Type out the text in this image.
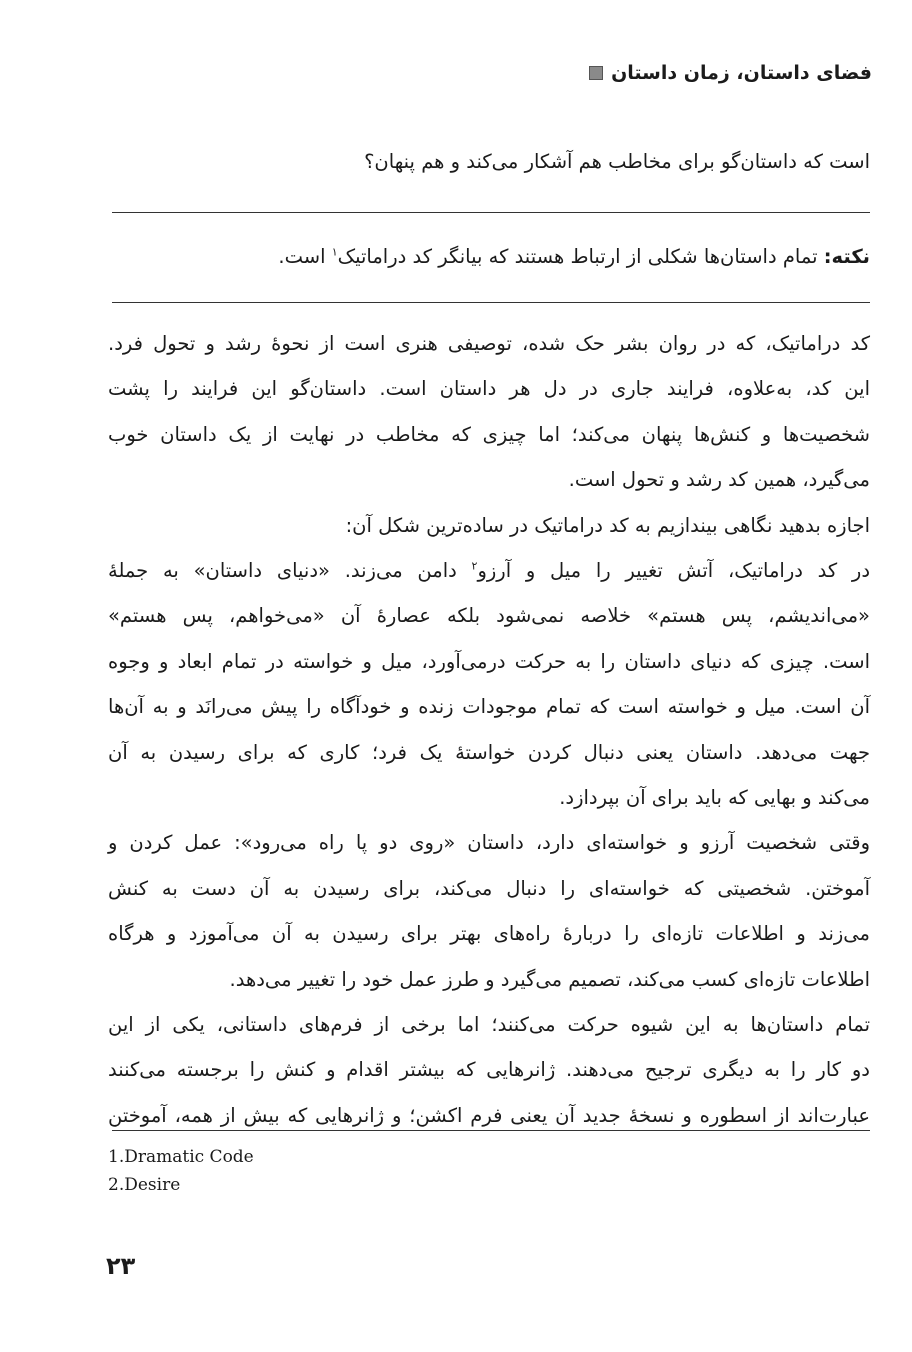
فضای داستان، زمان داستان
است که داستان‌گو برای مخاطب هم آشکار می‌کند و هم پنهان؟
نکته: تمام داستان‌ها شکلی از ارتباط هستند که بیانگر کد دراماتیک$^۱$ است.
کد دراماتیک، که در روان بشر حک شده، توصیفی هنری است از نحوهٔ رشد و تحول فرد.
این کد، به‌علاوه، فرایند جاری در دل هر داستان است. داستان‌گو این فرایند را پشت
شخصیت‌ها و کنش‌ها پنهان می‌کند؛ اما چیزی که مخاطب در نهایت از یک داستان خوب
می‌گیرد، همین کد رشد و تحول است.
اجازه بدهید نگاهی بیندازیم به کد دراماتیک در ساده‌ترین شکل آن:
در کد دراماتیک، آتش تغییر را میل و آرزو$^۲$ دامن می‌زند. «دنیای داستان» به جملهٔ
«می‌اندیشم، پس هستم» خلاصه نمی‌شود بلکه عصارهٔ آن «می‌خواهم، پس هستم»
است. چیزی که دنیای داستان را به حرکت درمی‌آورد، میل و خواسته در تمام ابعاد و وجوه
آن است. میل و خواسته است که تمام موجودات زنده و خودآگاه را پیش می‌رانَد و به آن‌ها
جهت می‌دهد. داستان یعنی دنبال کردن خواستهٔ یک فرد؛ کاری که برای رسیدن به آن
می‌کند و بهایی که باید برای آن بپردازد.
وقتی شخصیت آرزو و خواسته‌ای دارد، داستان «روی دو پا راه می‌رود»: عمل کردن و
آموختن. شخصیتی که خواسته‌ای را دنبال می‌کند، برای رسیدن به آن دست به کنش
می‌زند و اطلاعات تازه‌ای را دربارهٔ راه‌های بهتر برای رسیدن به آن می‌آموزد و هرگاه
اطلاعات تازه‌ای کسب می‌کند، تصمیم می‌گیرد و طرز عمل خود را تغییر می‌دهد.
تمام داستان‌ها به این شیوه حرکت می‌کنند؛ اما برخی از فرم‌های داستانی، یکی از این
دو کار را به دیگری ترجیح می‌دهند. ژانرهایی که بیشتر اقدام و کنش را برجسته می‌کنند
عبارت‌اند از اسطوره و نسخهٔ جدید آن یعنی فرم اکشن؛ و ژانرهایی که بیش از همه، آموختن
1.Dramatic Code
2.Desire
۲۳
